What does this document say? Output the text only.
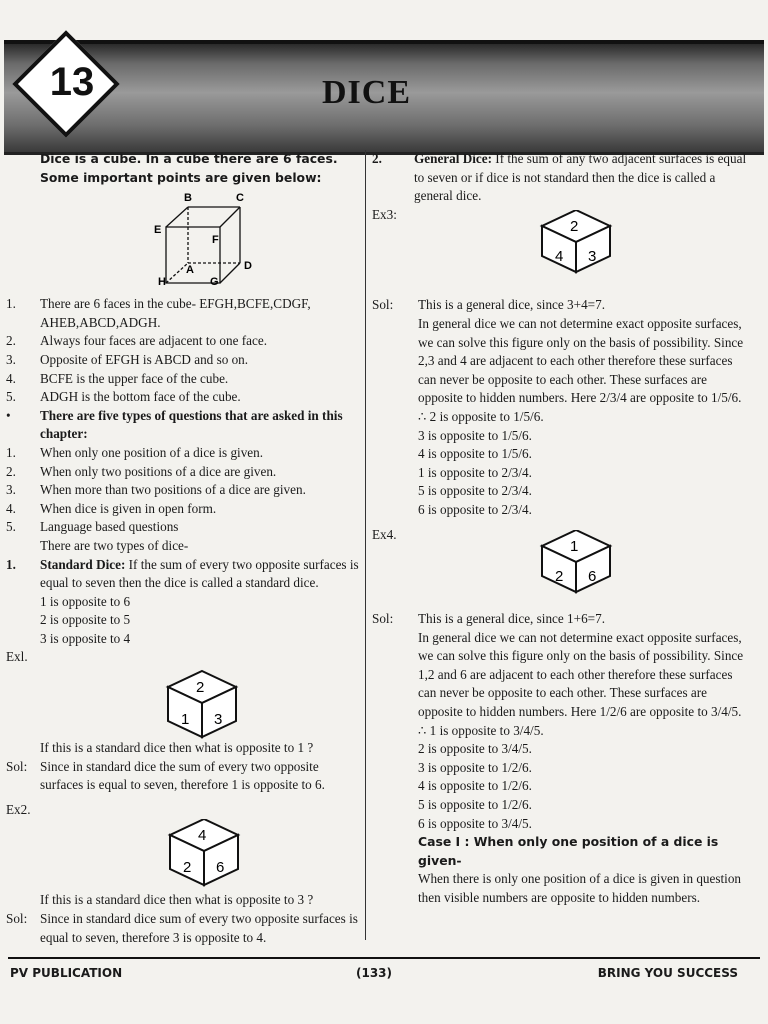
13	DICE
Dice is a cube. In a cube there are 6 faces. Some important points are given below:
B	C
E
F
A	D
H	G
1.	There are 6 faces in the cube- EFGH,BCFE,CDGF, AHEB,ABCD,ADGH.
2.	Always four faces are adjacent to one face.
3.	Opposite of EFGH is ABCD and so on.
4.	BCFE is the upper face of the cube.
5.	ADGH is the bottom face of the cube.
•	There are five types of questions that are asked in this chapter:
1.	When only one position of a dice is given.
2.	When only two positions of a dice are given.
3.	When more than two positions of a dice are given.
4.	When dice is given in open form.
5.	Language based questions
There are two types of dice-
1.	Standard Dice: If the sum of every two opposite surfaces is equal to seven then the dice is called a standard dice.
1 is opposite to 6
2 is opposite to 5
3 is opposite to 4
Exl.
2
1 3
If this is a standard dice then what is opposite to 1 ?
Sol: Since in standard dice the sum of every two opposite surfaces is equal to seven, therefore 1 is opposite to 6.
Ex2.
4
2 6
If this is a standard dice then what is opposite to 3 ?
Sol: Since in standard dice sum of every two opposite surfaces is equal to seven, therefore 3 is opposite to 4.
2.	General Dice: If the sum of any two adjacent surfaces is equal to seven or if dice is not standard then the dice is called a general dice.
Ex3:
2
4 3
Sol:	This is a general dice, since 3+4=7.
In general dice we can not determine exact opposite surfaces, we can solve this figure only on the basis of possibility. Since 2,3 and 4 are adjacent to each other therefore these surfaces can never be opposite to each other. These surfaces are opposite to hidden numbers. Here 2/3/4 are opposite to 1/5/6.
∴ 2 is opposite to 1/5/6.
3 is opposite to 1/5/6.
4 is opposite to 1/5/6.
1 is opposite to 2/3/4.
5 is opposite to 2/3/4.
6 is opposite to 2/3/4.
Ex4.
1
2 6
Sol:	This is a general dice, since 1+6=7.
In general dice we can not determine exact opposite surfaces, we can solve this figure only on the basis of possibility. Since 1,2 and 6 are adjacent to each other therefore these surfaces can never be opposite to each other. These surfaces are opposite to hidden numbers. Here 1/2/6 are opposite to 3/4/5.
∴ 1 is opposite to 3/4/5.
2 is opposite to 3/4/5.
3 is opposite to 1/2/6.
4 is opposite to 1/2/6.
5 is opposite to 1/2/6.
6 is opposite to 3/4/5.
Case I : When only one position of a dice is given-
When there is only one position of a dice is given in question then visible numbers are opposite to hidden numbers.
PV PUBLICATION	(133)	BRING YOU SUCCESS
